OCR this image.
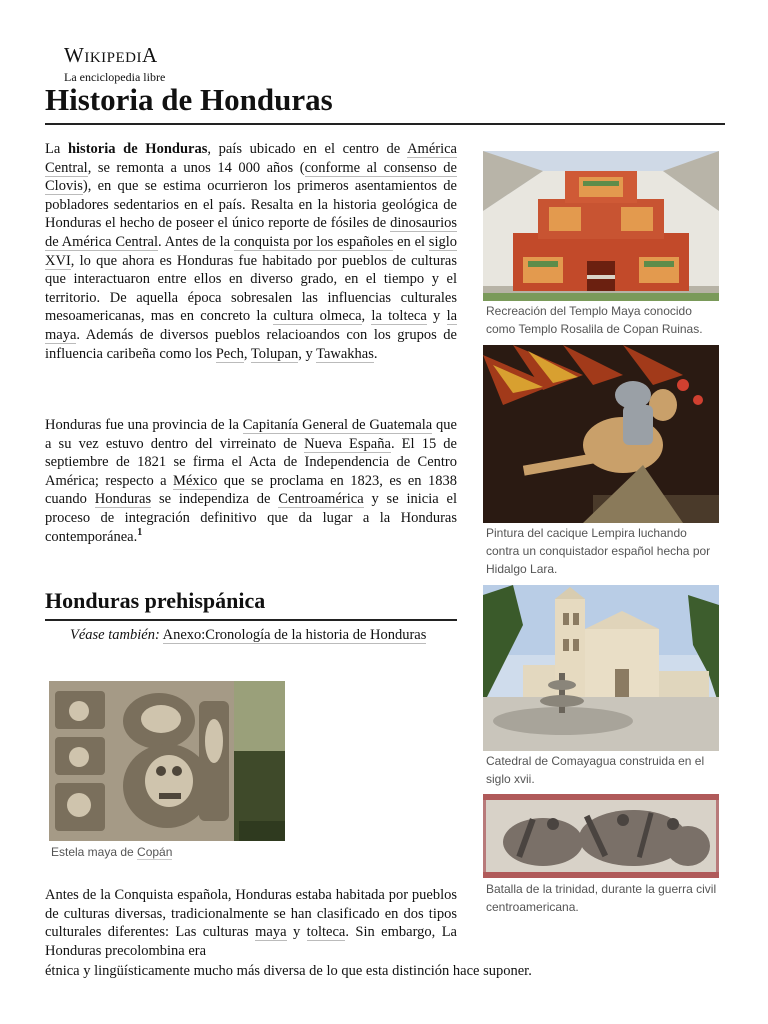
WIKIPEDIA
La enciclopedia libre
Historia de Honduras

La historia de Honduras, país ubicado en el centro de América Central, se remonta a unos 14 000 años (conforme al consenso de Clovis), en que se estima ocurrieron los primeros asentamientos de pobladores sedentarios en el país. Resalta en la historia geológica de Honduras el hecho de poseer el único reporte de fósiles de dinosaurios de América Central. Antes de la conquista por los españoles en el siglo XVI, lo que ahora es Honduras fue habitado por pueblos de culturas que interactuaron entre ellos en diverso grado, en el tiempo y el territorio. De aquella época sobresalen las influencias culturales mesoamericanas, mas en concreto la cultura olmeca, la tolteca y la maya. Además de diversos pueblos relacioandos con los grupos de influencia caribeña como los Pech, Tolupan, y Tawakhas.

Honduras fue una provincia de la Capitanía General de Guatemala que a su vez estuvo dentro del virreinato de Nueva España. El 15 de septiembre de 1821 se firma el Acta de Independencia de Centro América; respecto a México que se proclama en 1823, es en 1838 cuando Honduras se independiza de Centroamérica y se inicia el proceso de integración definitivo que da lugar a la Honduras contemporánea.$^1$

Honduras prehispánica
Véase también: Anexo:Cronología de la historia de Honduras
Estela maya de Copán
Antes de la Conquista española, Honduras estaba habitada por pueblos de culturas diversas, tradicionalmente se han clasificado en dos tipos culturales diferentes: Las culturas maya y tolteca. Sin embargo, La Honduras precolombina era
étnica y lingüísticamente mucho más diversa de lo que esta distinción hace suponer.
Recreación del Templo Maya conocido como Templo Rosalila de Copan Ruinas.
Pintura del cacique Lempira luchando contra un conquistador español hecha por Hidalgo Lara.
Catedral de Comayagua construida en el siglo xvii.
Batalla de la trinidad, durante la guerra civil centroamericana.
